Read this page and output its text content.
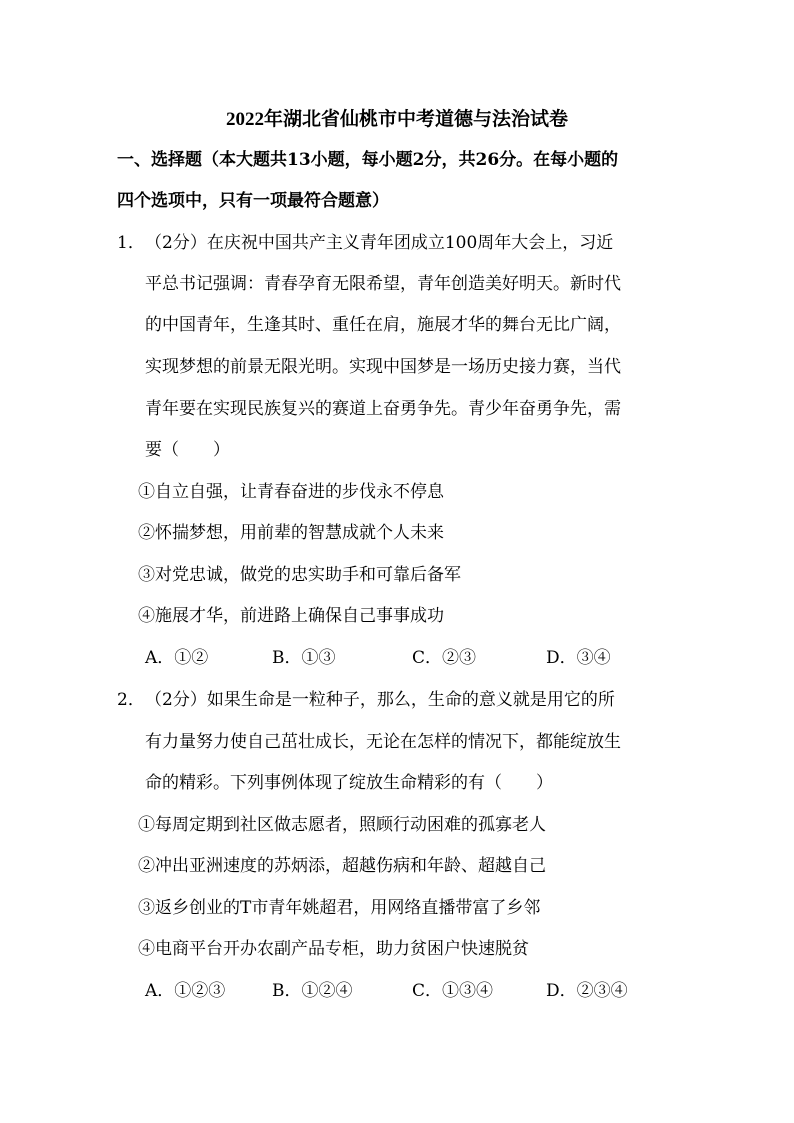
2022年湖北省仙桃市中考道德与法治试卷
一、选择题（本大题共13小题，每小题2分，共26分。在每小题的
四个选项中，只有一项最符合题意）
1． （2分）在庆祝中国共产主义青年团成立100周年大会上，习近
平总书记强调：青春孕育无限希望，青年创造美好明天。新时代
的中国青年，生逢其时、重任在肩，施展才华的舞台无比广阔，
实现梦想的前景无限光明。实现中国梦是一场历史接力赛，当代
青年要在实现民族复兴的赛道上奋勇争先。青少年奋勇争先，需
要（　　）
①自立自强，让青春奋进的步伐永不停息
②怀揣梦想，用前辈的智慧成就个人未来
③对党忠诚，做党的忠实助手和可靠后备军
④施展才华，前进路上确保自己事事成功
A．①②	B．①③	C．②③	D．③④
2． （2分）如果生命是一粒种子，那么，生命的意义就是用它的所
有力量努力使自己茁壮成长，无论在怎样的情况下，都能绽放生
命的精彩。下列事例体现了绽放生命精彩的有（　　）
①每周定期到社区做志愿者，照顾行动困难的孤寡老人
②冲出亚洲速度的苏炳添，超越伤病和年龄、超越自己
③返乡创业的T市青年姚超君，用网络直播带富了乡邻
④电商平台开办农副产品专柜，助力贫困户快速脱贫
A．①②③	B．①②④	C．①③④	D．②③④
